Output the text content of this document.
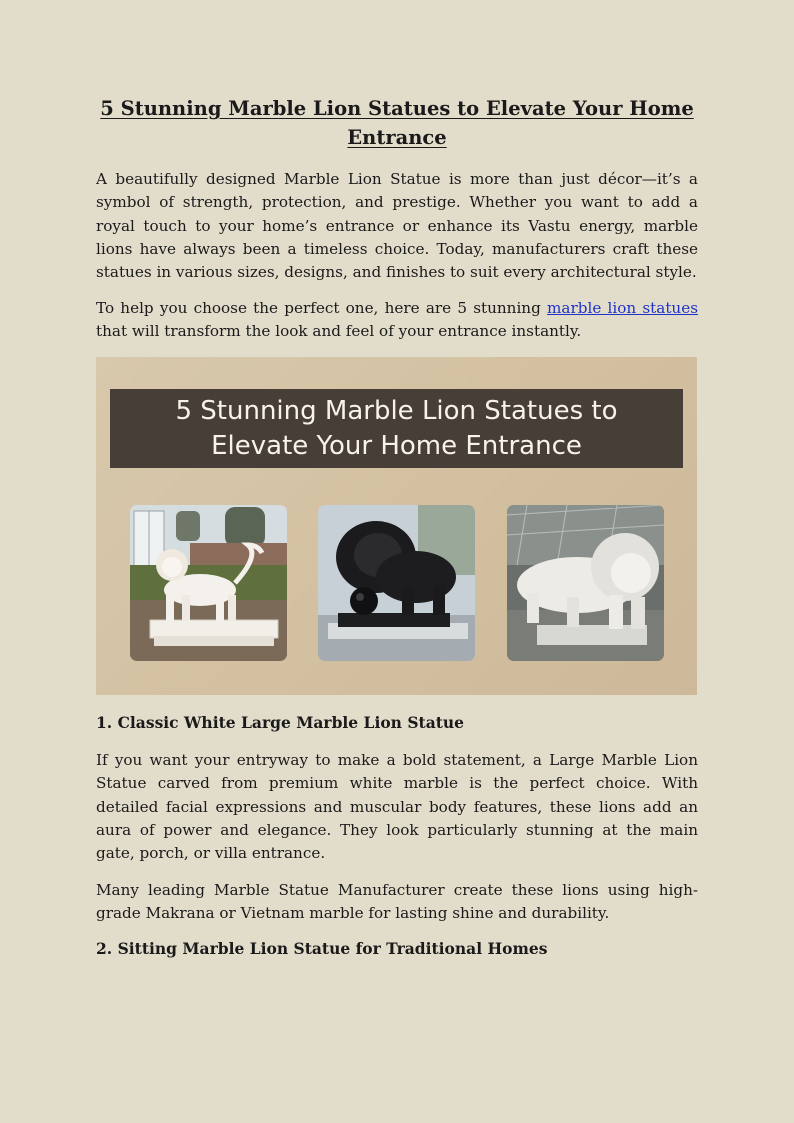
5 Stunning Marble Lion Statues to Elevate Your Home Entrance

A beautifully designed Marble Lion Statue is more than just décor—it’s a symbol of strength, protection, and prestige. Whether you want to add a royal touch to your home’s entrance or enhance its Vastu energy, marble lions have always been a timeless choice. Today, manufacturers craft these statues in various sizes, designs, and finishes to suit every architectural style.

To help you choose the perfect one, here are 5 stunning marble lion statues that will transform the look and feel of your entrance instantly.

5 Stunning Marble Lion Statues to Elevate Your Home Entrance
1. Classic White Large Marble Lion Statue

If you want your entryway to make a bold statement, a Large Marble Lion Statue carved from premium white marble is the perfect choice. With detailed facial expressions and muscular body features, these lions add an aura of power and elegance. They look particularly stunning at the main gate, porch, or villa entrance.

Many leading Marble Statue Manufacturer create these lions using high-grade Makrana or Vietnam marble for lasting shine and durability.

2. Sitting Marble Lion Statue for Traditional Homes
